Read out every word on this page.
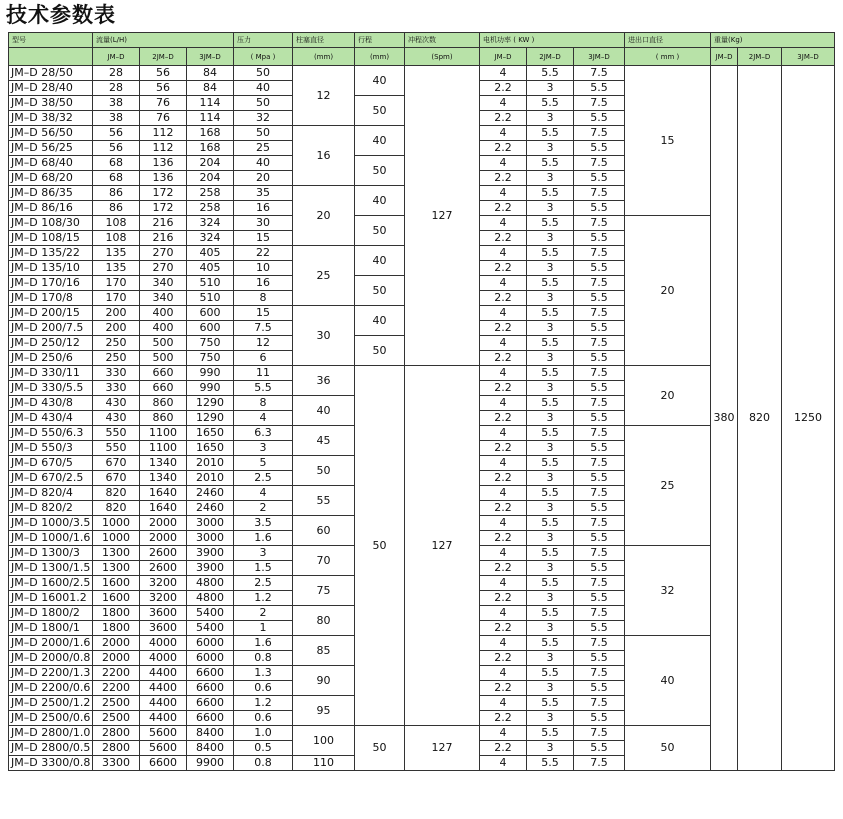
技术参数表
型号	流量(L/H)			压力	柱塞直径	行程	冲程次数	电机功率 ( KW )			进出口直径	重量(Kg)		
	JM–D	2JM–D	3JM–D	( Mpa )	(mm)	(mm)	(Spm)	JM–D	2JM–D	3JM–D	( mm )	JM–D	2JM–D	3JM–D
JM–D 28/50	28	56	84	50	12	40	127	4	5.5	7.5	15	380	820	1250
JM–D 28/40	28	56	84	40				2.2	3	5.5				
JM–D 38/50	38	76	114	50		50		4	5.5	7.5				
JM–D 38/32	38	76	114	32				2.2	3	5.5				
JM–D 56/50	56	112	168	50	16	40		4	5.5	7.5				
JM–D 56/25	56	112	168	25				2.2	3	5.5				
JM–D 68/40	68	136	204	40		50		4	5.5	7.5				
JM–D 68/20	68	136	204	20				2.2	3	5.5				
JM–D 86/35	86	172	258	35	20	40		4	5.5	7.5				
JM–D 86/16	86	172	258	16				2.2	3	5.5				
JM–D 108/30	108	216	324	30		50		4	5.5	7.5	20			
JM–D 108/15	108	216	324	15				2.2	3	5.5				
JM–D 135/22	135	270	405	22	25	40		4	5.5	7.5				
JM–D 135/10	135	270	405	10				2.2	3	5.5				
JM–D 170/16	170	340	510	16		50		4	5.5	7.5				
JM–D 170/8	170	340	510	8				2.2	3	5.5				
JM–D 200/15	200	400	600	15	30	40		4	5.5	7.5				
JM–D 200/7.5	200	400	600	7.5				2.2	3	5.5				
JM–D 250/12	250	500	750	12		50		4	5.5	7.5				
JM–D 250/6	250	500	750	6				2.2	3	5.5				
JM–D 330/11	330	660	990	11	36	50	127	4	5.5	7.5	20			
JM–D 330/5.5	330	660	990	5.5				2.2	3	5.5				
JM–D 430/8	430	860	1290	8	40			4	5.5	7.5				
JM–D 430/4	430	860	1290	4				2.2	3	5.5				
JM–D 550/6.3	550	1100	1650	6.3	45			4	5.5	7.5	25			
JM–D 550/3	550	1100	1650	3				2.2	3	5.5				
JM–D 670/5	670	1340	2010	5	50			4	5.5	7.5				
JM–D 670/2.5	670	1340	2010	2.5				2.2	3	5.5				
JM–D 820/4	820	1640	2460	4	55			4	5.5	7.5				
JM–D 820/2	820	1640	2460	2				2.2	3	5.5				
JM–D 1000/3.5	1000	2000	3000	3.5	60			4	5.5	7.5				
JM–D 1000/1.6	1000	2000	3000	1.6				2.2	3	5.5				
JM–D 1300/3	1300	2600	3900	3	70			4	5.5	7.5	32			
JM–D 1300/1.5	1300	2600	3900	1.5				2.2	3	5.5				
JM–D 1600/2.5	1600	3200	4800	2.5	75			4	5.5	7.5				
JM–D 16001.2	1600	3200	4800	1.2				2.2	3	5.5				
JM–D 1800/2	1800	3600	5400	2	80			4	5.5	7.5				
JM–D 1800/1	1800	3600	5400	1				2.2	3	5.5				
JM–D 2000/1.6	2000	4000	6000	1.6	85			4	5.5	7.5	40			
JM–D 2000/0.8	2000	4000	6000	0.8				2.2	3	5.5				
JM–D 2200/1.3	2200	4400	6600	1.3	90			4	5.5	7.5				
JM–D 2200/0.6	2200	4400	6600	0.6				2.2	3	5.5				
JM–D 2500/1.2	2500	4400	6600	1.2	95			4	5.5	7.5				
JM–D 2500/0.6	2500	4400	6600	0.6				2.2	3	5.5				
JM–D 2800/1.0	2800	5600	8400	1.0	100	50	127	4	5.5	7.5	50			
JM–D 2800/0.5	2800	5600	8400	0.5				2.2	3	5.5				
JM–D 3300/0.8	3300	6600	9900	0.8	110			4	5.5	7.5				
